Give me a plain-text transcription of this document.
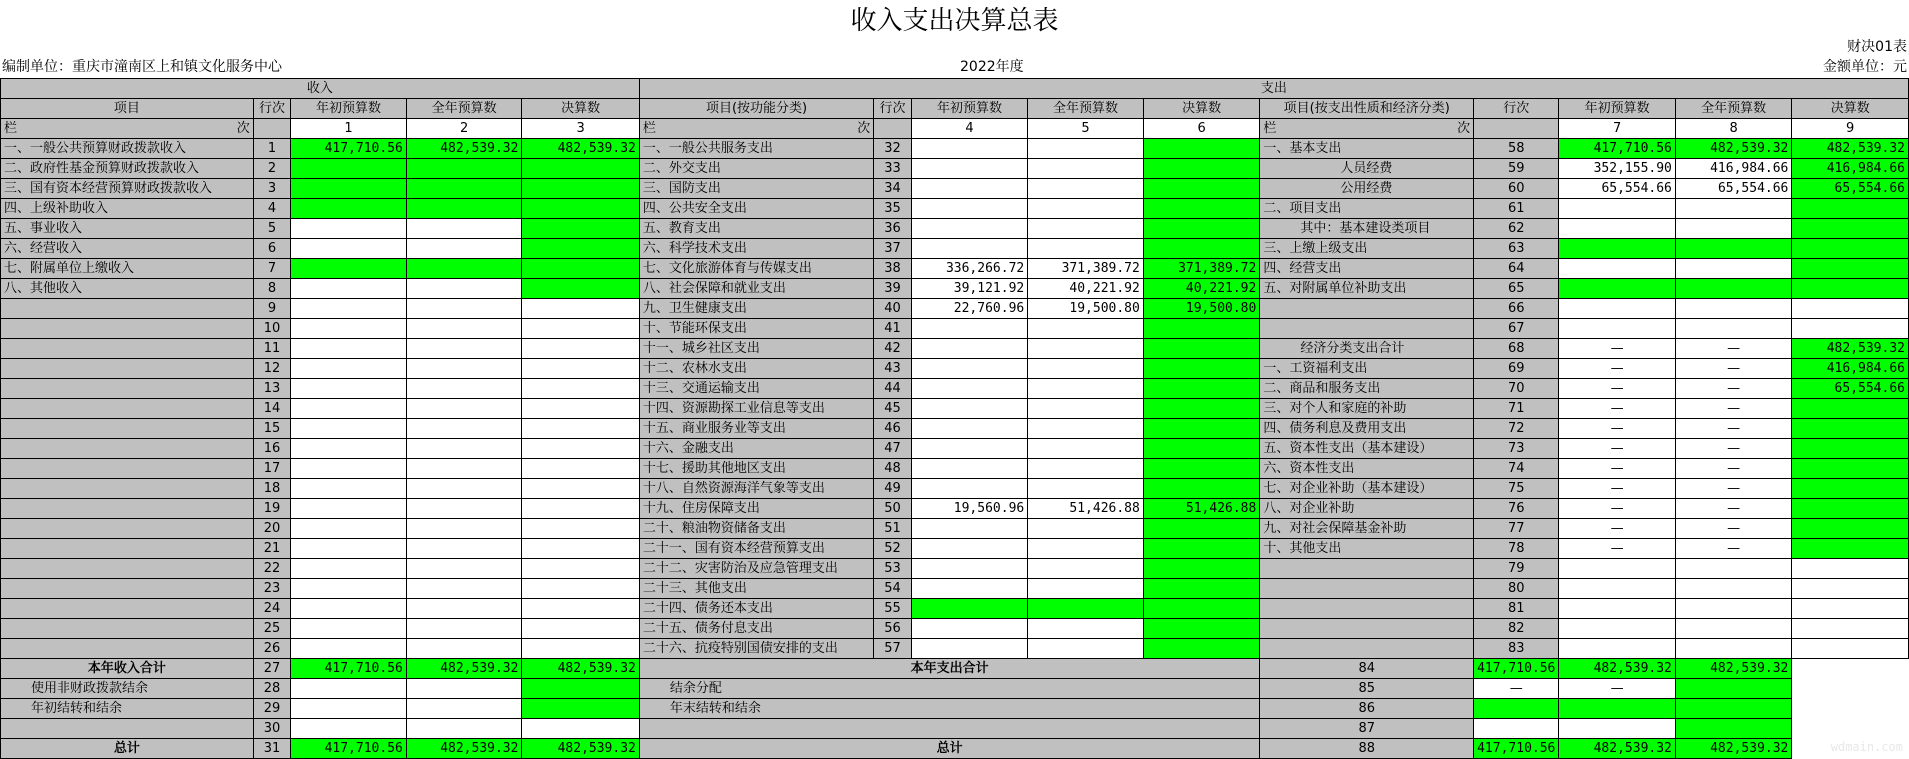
收入支出决算总表
财决01表
编制单位：重庆市潼南区上和镇文化服务中心	2022年度	金额单位：元
收入					支出									
项目	行次	年初预算数	全年预算数	决算数	项目(按功能分类)	行次	年初预算数	全年预算数	决算数	项目(按支出性质和经济分类)	行次	年初预算数	全年预算数	决算数

栏 次		1	2	3	栏 次		4	5	6	栏 次		7	8	9
一、一般公共预算财政拨款收入	1	417,710.56	482,539.32	482,539.32	一、一般公共服务支出	32				一、基本支出	58	417,710.56	482,539.32	482,539.32
二、政府性基金预算财政拨款收入	2				二、外交支出	33				人员经费	59	352,155.90	416,984.66	416,984.66
三、国有资本经营预算财政拨款收入	3				三、国防支出	34				公用经费	60	65,554.66	65,554.66	65,554.66
四、上级补助收入	4				四、公共安全支出	35				二、项目支出	61			
五、事业收入	5				五、教育支出	36				其中：基本建设类项目	62			
六、经营收入	6				六、科学技术支出	37				三、上缴上级支出	63			
七、附属单位上缴收入	7				七、文化旅游体育与传媒支出	38	336,266.72	371,389.72	371,389.72	四、经营支出	64			
八、其他收入	8				八、社会保障和就业支出	39	39,121.92	40,221.92	40,221.92	五、对附属单位补助支出	65			
	9				九、卫生健康支出	40	22,760.96	19,500.80	19,500.80		66			
	10				十、节能环保支出	41					67			
	11				十一、城乡社区支出	42				经济分类支出合计	68	—	—	482,539.32
	12				十二、农林水支出	43				一、工资福利支出	69	—	—	416,984.66
	13				十三、交通运输支出	44				二、商品和服务支出	70	—	—	65,554.66
	14				十四、资源勘探工业信息等支出	45				三、对个人和家庭的补助	71	—	—	
	15				十五、商业服务业等支出	46				四、债务利息及费用支出	72	—	—	
	16				十六、金融支出	47				五、资本性支出（基本建设）	73	—	—	
	17				十七、援助其他地区支出	48				六、资本性支出	74	—	—	
	18				十八、自然资源海洋气象等支出	49				七、对企业补助（基本建设）	75	—	—	
	19				十九、住房保障支出	50	19,560.96	51,426.88	51,426.88	八、对企业补助	76	—	—	
	20				二十、粮油物资储备支出	51				九、对社会保障基金补助	77	—	—	
	21				二十一、国有资本经营预算支出	52				十、其他支出	78	—	—	
	22				二十二、灾害防治及应急管理支出	53					79			
	23				二十三、其他支出	54					80			
	24				二十四、债务还本支出	55					81			
	25				二十五、债务付息支出	56					82			
	26				二十六、抗疫特别国债安排的支出	57					83			
本年收入合计	27	417,710.56	482,539.32	482,539.32	本年支出合计					84	417,710.56	482,539.32	482,539.32	
使用非财政拨款结余	28				结余分配					85	—	—		
年初结转和结余	29				年末结转和结余					86				
	30									87				
总计	31	417,710.56	482,539.32	482,539.32	总计					88	417,710.56	482,539.32	482,539.32		wdmain.com
